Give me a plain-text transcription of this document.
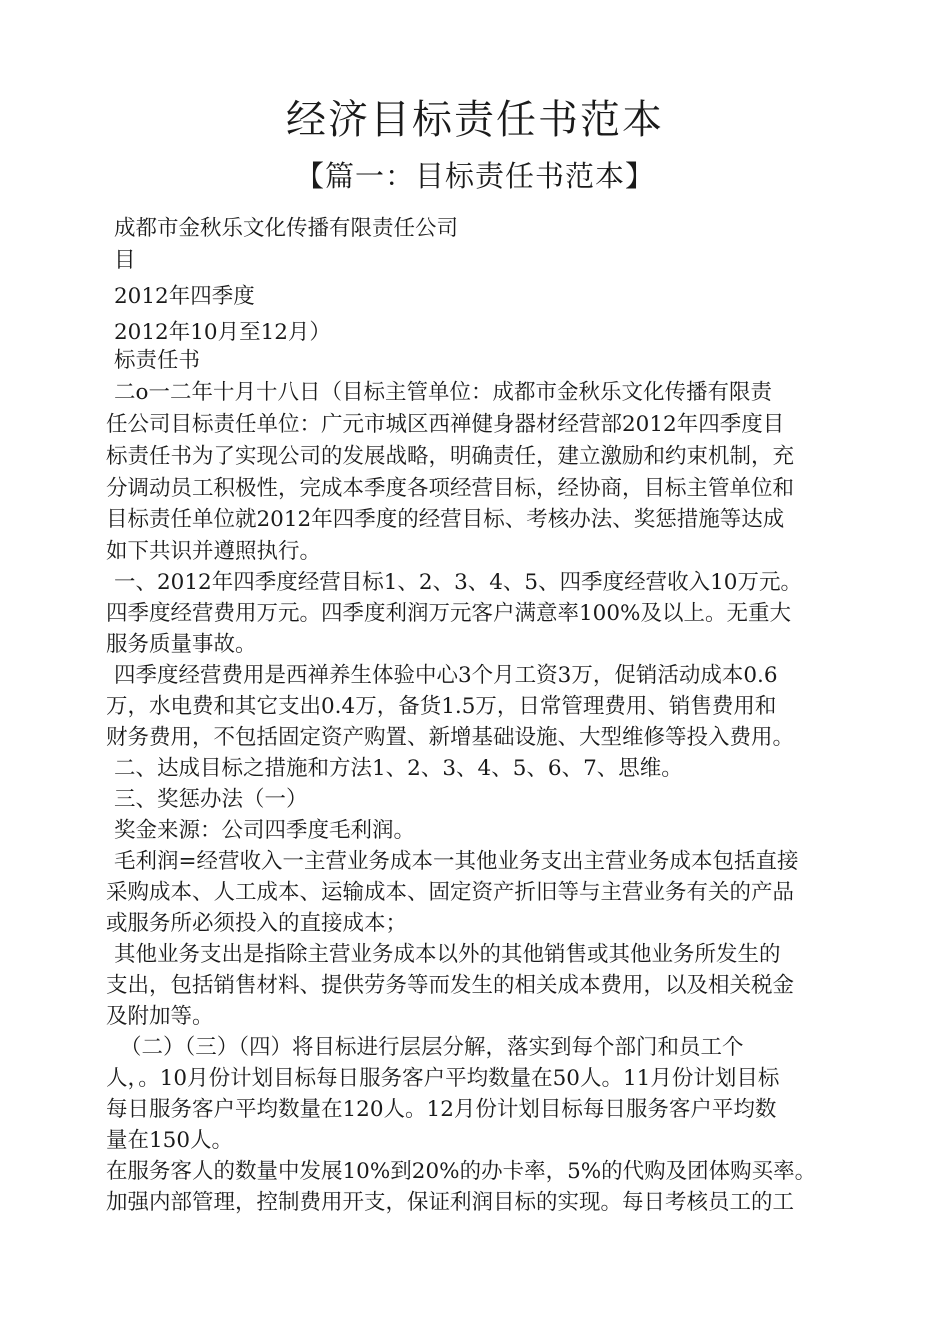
经济目标责任书范本
【篇一：目标责任书范本】
成都市金秋乐文化传播有限责任公司
目
2012年四季度
2012年10月至12月）
标责任书
二o一二年十月十八日（目标主管单位：成都市金秋乐文化传播有限责
任公司目标责任单位：广元市城区西禅健身器材经营部2012年四季度目
标责任书为了实现公司的发展战略，明确责任，建立激励和约束机制，充
分调动员工积极性，完成本季度各项经营目标，经协商，目标主管单位和
目标责任单位就2012年四季度的经营目标、考核办法、奖惩措施等达成
如下共识并遵照执行。
一、2012年四季度经营目标1、2、3、4、5、四季度经营收入10万元。
四季度经营费用万元。四季度利润万元客户满意率100%及以上。无重大
服务质量事故。
四季度经营费用是西禅养生体验中心3个月工资3万，促销活动成本0.6
万，水电费和其它支出0.4万，备货1.5万，日常管理费用、销售费用和
财务费用，不包括固定资产购置、新增基础设施、大型维修等投入费用。
二、达成目标之措施和方法1、2、3、4、5、6、7、思维。
三、奖惩办法（一）
奖金来源：公司四季度毛利润。
毛利润=经营收入一主营业务成本一其他业务支出主营业务成本包括直接
采购成本、人工成本、运输成本、固定资产折旧等与主营业务有关的产品
或服务所必须投入的直接成本；
其他业务支出是指除主营业务成本以外的其他销售或其他业务所发生的
支出，包括销售材料、提供劳务等而发生的相关成本费用，以及相关税金
及附加等。
（二）（三）（四）将目标进行层层分解，落实到每个部门和员工个
人，。10月份计划目标每日服务客户平均数量在50人。11月份计划目标
每日服务客户平均数量在120人。12月份计划目标每日服务客户平均数
量在150人。
在服务客人的数量中发展10%到20%的办卡率，5%的代购及团体购买率。
加强内部管理，控制费用开支，保证利润目标的实现。每日考核员工的工
